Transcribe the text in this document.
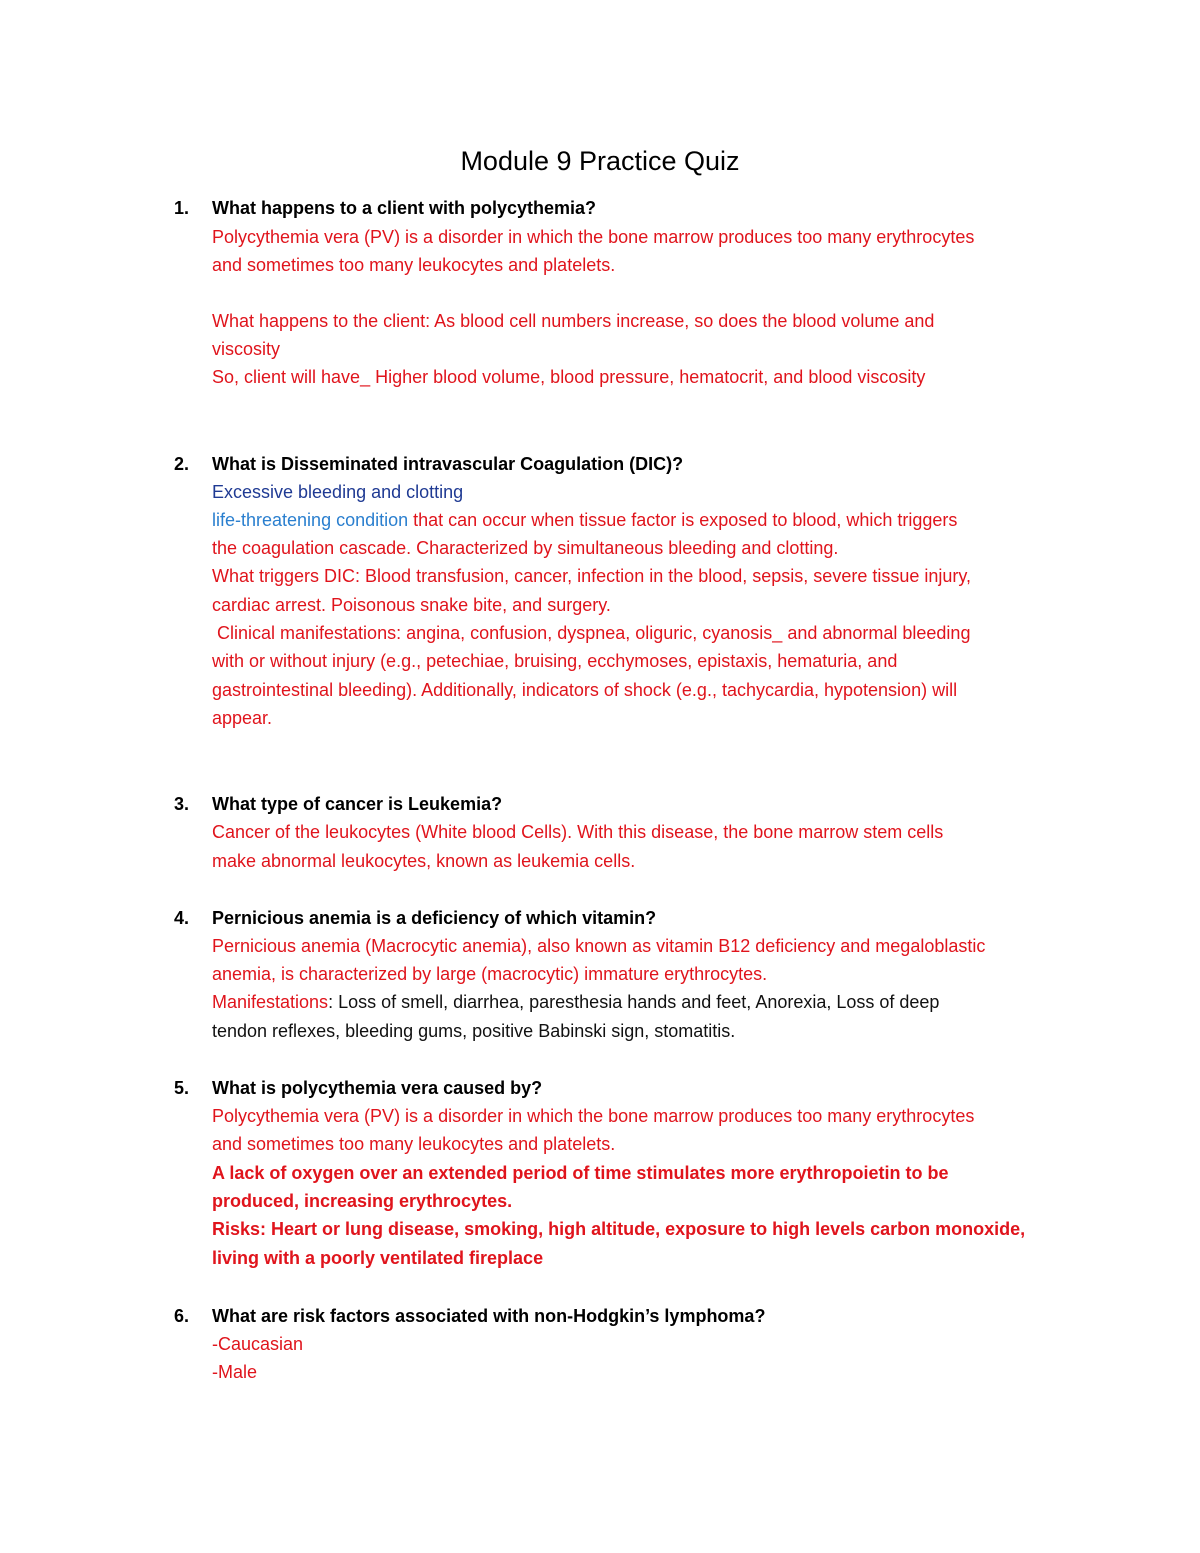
Module 9 Practice Quiz
1.	What happens to a client with polycythemia?
Polycythemia vera (PV) is a disorder in which the bone marrow produces too many erythrocytes
and sometimes too many leukocytes and platelets.
What happens to the client: As blood cell numbers increase, so does the blood volume and
viscosity
So, client will have_ Higher blood volume, blood pressure, hematocrit, and blood viscosity
2.	What is Disseminated intravascular Coagulation (DIC)?
Excessive bleeding and clotting
life-threatening condition that can occur when tissue factor is exposed to blood, which triggers
the coagulation cascade. Characterized by simultaneous bleeding and clotting.
What triggers DIC: Blood transfusion, cancer, infection in the blood, sepsis, severe tissue injury,
cardiac arrest. Poisonous snake bite, and surgery.
Clinical manifestations: angina, confusion, dyspnea, oliguric, cyanosis_ and abnormal bleeding
with or without injury (e.g., petechiae, bruising, ecchymoses, epistaxis, hematuria, and
gastrointestinal bleeding). Additionally, indicators of shock (e.g., tachycardia, hypotension) will
appear.
3.	What type of cancer is Leukemia?
Cancer of the leukocytes (White blood Cells). With this disease, the bone marrow stem cells
make abnormal leukocytes, known as leukemia cells.
4.	Pernicious anemia is a deficiency of which vitamin?
Pernicious anemia (Macrocytic anemia), also known as vitamin B12 deficiency and megaloblastic
anemia, is characterized by large (macrocytic) immature erythrocytes.
Manifestations: Loss of smell, diarrhea, paresthesia hands and feet, Anorexia, Loss of deep
tendon reflexes, bleeding gums, positive Babinski sign, stomatitis.
5.	What is polycythemia vera caused by?
Polycythemia vera (PV) is a disorder in which the bone marrow produces too many erythrocytes
and sometimes too many leukocytes and platelets.
A lack of oxygen over an extended period of time stimulates more erythropoietin to be
produced, increasing erythrocytes.
Risks: Heart or lung disease, smoking, high altitude, exposure to high levels carbon monoxide,
living with a poorly ventilated fireplace
6.	What are risk factors associated with non-Hodgkin’s lymphoma?
-Caucasian
-Male
